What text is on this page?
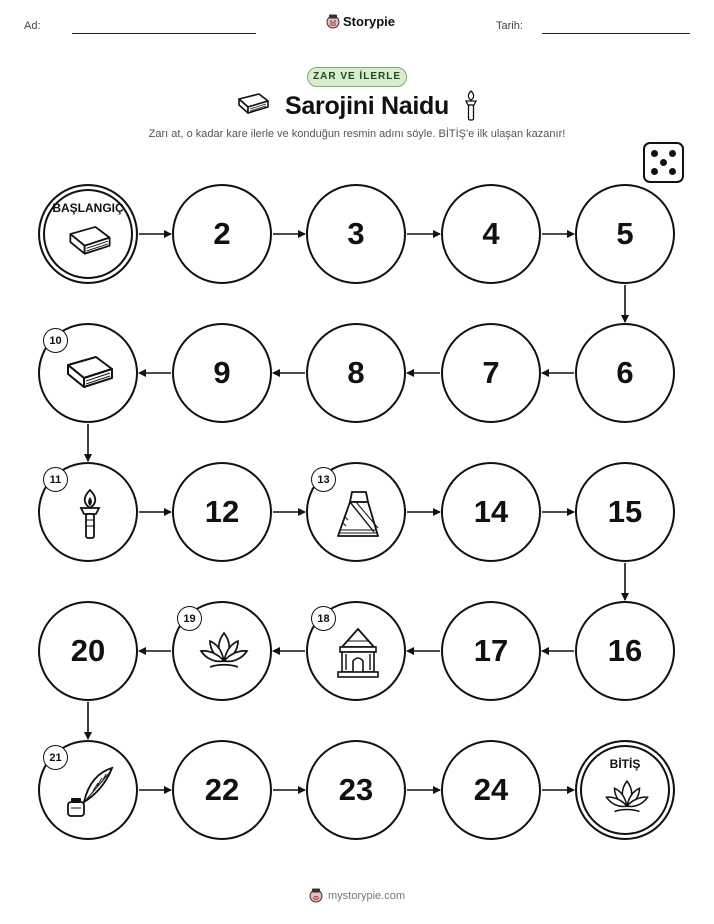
Ad:	Storypie	Tarih:
ZAR VE İLERLE
Sarojini Naidu
Zarı at, o kadar kare ilerle ve konduğun resmin adını söyle. BİTİŞ'e ilk ulaşan kazanır!
BAŞLANGIÇ
2	3	4	5
6
7
8
9
10
11
12
13
14	15
16
17
18
19
20
21
22	23	24
BİTİŞ
mystorypie.com
